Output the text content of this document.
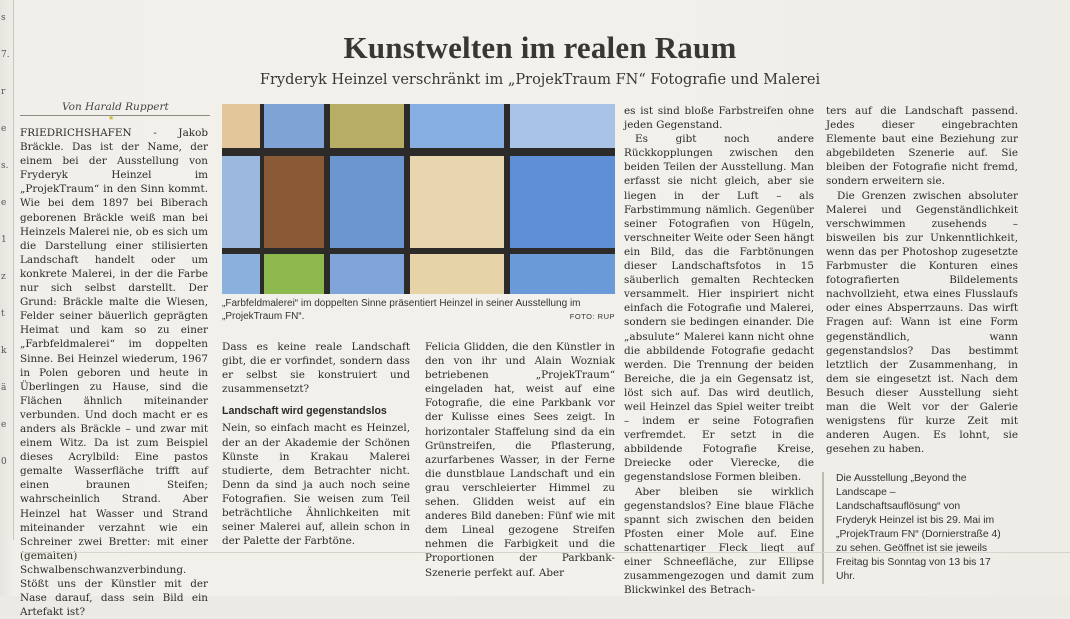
s
7.
r
e
s.
e
1
z
t
k
ä
e
0
Kunstwelten im realen Raum
Fryderyk Heinzel verschränkt im „ProjekTraum FN“ Fotografie und Malerei
Von Harald Ruppert
★

FRIEDRICHSHAFEN - Jakob Bräckle. Das ist der Name, der einem bei der Ausstellung von Fryderyk Heinzel im „ProjekTraum“ in den Sinn kommt. Wie bei dem 1897 bei Biberach geborenen Bräckle weiß man bei Heinzels Malerei nie, ob es sich um die Darstellung einer stilisierten Landschaft handelt oder um konkrete Malerei, in der die Farbe nur sich selbst darstellt. Der Grund: Bräckle malte die Wiesen, Felder seiner bäuerlich geprägten Heimat und kam so zu einer „Farbfeldmalerei“ im doppelten Sinne. Bei Heinzel wiederum, 1967 in Polen geboren und heute in Überlingen zu Hause, sind die Flächen ähnlich miteinander verbunden. Und doch macht er es anders als Bräckle – und zwar mit einem Witz. Da ist zum Beispiel dieses Acrylbild: Eine pastos gemalte Wasserfläche trifft auf einen braunen Steifen; wahrscheinlich Strand. Aber Heinzel hat Wasser und Strand miteinander verzahnt wie ein Schreiner zwei Bretter: mit einer (gemalten) Schwalbenschwanzverbindung. Stößt uns der Künstler mit der Nase darauf, dass sein Bild ein Artefakt ist?

„Farbfeldmalerei“ im doppelten Sinne präsentiert Heinzel in seiner Ausstellung im „ProjekTraum FN“.	FOTO: RUP

Dass es keine reale Landschaft gibt, die er vorfindet, sondern dass er selbst sie konstruiert und zusammensetzt?

Landschaft wird gegenstandslos

Nein, so einfach macht es Heinzel, der an der Akademie der Schönen Künste in Krakau Malerei studierte, dem Betrachter nicht. Denn da sind ja auch noch seine Fotografien. Sie weisen zum Teil beträchtliche Ähnlichkeiten mit seiner Malerei auf, allein schon in der Palette der Farbtöne.

Felicia Glidden, die den Künstler in den von ihr und Alain Wozniak betriebenen „ProjekTraum“ eingeladen hat, weist auf eine Fotografie, die eine Parkbank vor der Kulisse eines Sees zeigt. In horizontaler Staffelung sind da ein Grünstreifen, die Pflasterung, azurfarbenes Wasser, in der Ferne die dunstblaue Landschaft und ein grau verschleierter Himmel zu sehen. Glidden weist auf ein anderes Bild daneben: Fünf wie mit dem Lineal gezogene Streifen nehmen die Farbigkeit und die Proportionen der Parkbank-Szenerie perfekt auf. Aber

es ist sind bloße Farbstreifen ohne jeden Gegenstand.

Es gibt noch andere Rückkopplungen zwischen den beiden Teilen der Ausstellung. Man erfasst sie nicht gleich, aber sie liegen in der Luft – als Farbstimmung nämlich. Gegenüber seiner Fotografien von Hügeln, verschneiter Weite oder Seen hängt ein Bild, das die Farbtönungen dieser Landschaftsfotos in 15 säuberlich gemalten Rechtecken versammelt. Hier inspiriert nicht einfach die Fotografie und Malerei, sondern sie bedingen einander. Die „absulute“ Malerei kann nicht ohne die abbildende Fotografie gedacht werden. Die Trennung der beiden Bereiche, die ja ein Gegensatz ist, löst sich auf. Das wird deutlich, weil Heinzel das Spiel weiter treibt – indem er seine Fotografien verfremdet. Er setzt in die abbildende Fotografie Kreise, Dreiecke oder Vierecke, die gegenstandslose Formen bleiben.

Aber bleiben sie wirklich gegenstandslos? Eine blaue Fläche spannt sich zwischen den beiden Pfosten einer Mole auf. Eine schattenartiger Fleck liegt auf einer Schneefläche, zur Ellipse zusammengezogen und damit zum Blickwinkel des Betrach-

ters auf die Landschaft passend. Jedes dieser eingebrachten Elemente baut eine Beziehung zur abgebildeten Szenerie auf. Sie bleiben der Fotografie nicht fremd, sondern erweitern sie.

Die Grenzen zwischen absoluter Malerei und Gegenständlichkeit verschwimmen zusehends – bisweilen bis zur Unkenntlichkeit, wenn das per Photoshop zugesetzte Farbmuster die Konturen eines fotografierten Bildelements nachvollzieht, etwa eines Flusslaufs oder eines Absperrzauns. Das wirft Fragen auf: Wann ist eine Form gegenständlich, wann gegenstandslos? Das bestimmt letztlich der Zusammenhang, in dem sie eingesetzt ist. Nach dem Besuch dieser Ausstellung sieht man die Welt vor der Galerie wenigstens für kurze Zeit mit anderen Augen. Es lohnt, sie gesehen zu haben.

Die Ausstellung „Beyond the Landscape – Landschaftsauflösung“ von Fryderyk Heinzel ist bis 29. Mai im „ProjekTraum FN“ (Dornierstraße 4) zu sehen. Geöffnet ist sie jeweils Freitag bis Sonntag von 13 bis 17 Uhr.
